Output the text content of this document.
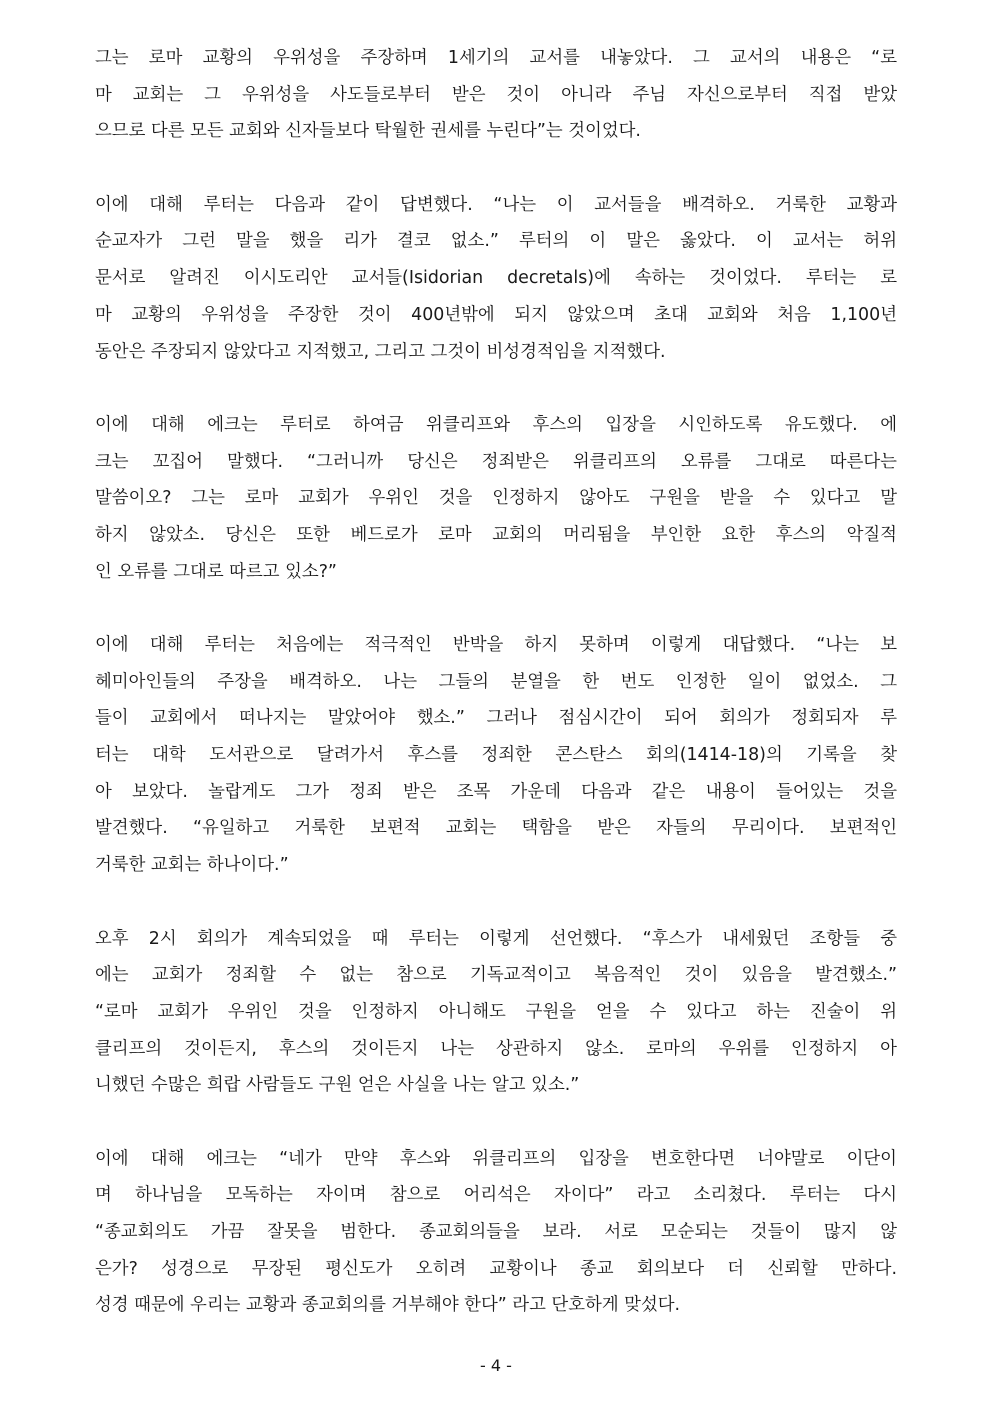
그는 로마 교황의 우위성을 주장하며 1세기의 교서를 내놓았다. 그 교서의 내용은 “로
마 교회는 그 우위성을 사도들로부터 받은 것이 아니라 주님 자신으로부터 직접 받았
으므로 다른 모든 교회와 신자들보다 탁월한 권세를 누린다”는 것이었다.
이에 대해 루터는 다음과 같이 답변했다. “나는 이 교서들을 배격하오. 거룩한 교황과
순교자가 그런 말을 했을 리가 결코 없소.” 루터의 이 말은 옳았다. 이 교서는 허위
문서로 알려진 이시도리안 교서들(Isidorian decretals)에 속하는 것이었다. 루터는 로
마 교황의 우위성을 주장한 것이 400년밖에 되지 않았으며 초대 교회와 처음 1,100년
동안은 주장되지 않았다고 지적했고, 그리고 그것이 비성경적임을 지적했다.
이에 대해 에크는 루터로 하여금 위클리프와 후스의 입장을 시인하도록 유도했다. 에
크는 꼬집어 말했다. “그러니까 당신은 정죄받은 위클리프의 오류를 그대로 따른다는
말씀이오? 그는 로마 교회가 우위인 것을 인정하지 않아도 구원을 받을 수 있다고 말
하지 않았소. 당신은 또한 베드로가 로마 교회의 머리됨을 부인한 요한 후스의 악질적
인 오류를 그대로 따르고 있소?”
이에 대해 루터는 처음에는 적극적인 반박을 하지 못하며 이렇게 대답했다. “나는 보
헤미아인들의 주장을 배격하오. 나는 그들의 분열을 한 번도 인정한 일이 없었소. 그
들이 교회에서 떠나지는 말았어야 했소.” 그러나 점심시간이 되어 회의가 정회되자 루
터는 대학 도서관으로 달려가서 후스를 정죄한 콘스탄스 회의(1414-18)의 기록을 찾
아 보았다. 놀랍게도 그가 정죄 받은 조목 가운데 다음과 같은 내용이 들어있는 것을
발견했다. “유일하고 거룩한 보편적 교회는 택함을 받은 자들의 무리이다. 보편적인
거룩한 교회는 하나이다.”
오후 2시 회의가 계속되었을 때 루터는 이렇게 선언했다. “후스가 내세웠던 조항들 중
에는 교회가 정죄할 수 없는 참으로 기독교적이고 복음적인 것이 있음을 발견했소.”
“로마 교회가 우위인 것을 인정하지 아니해도 구원을 얻을 수 있다고 하는 진술이 위
클리프의 것이든지, 후스의 것이든지 나는 상관하지 않소. 로마의 우위를 인정하지 아
니했던 수많은 희랍 사람들도 구원 얻은 사실을 나는 알고 있소.”
이에 대해 에크는 “네가 만약 후스와 위클리프의 입장을 변호한다면 너야말로 이단이
며 하나님을 모독하는 자이며 참으로 어리석은 자이다” 라고 소리쳤다. 루터는 다시
“종교회의도 가끔 잘못을 범한다. 종교회의들을 보라. 서로 모순되는 것들이 많지 않
은가? 성경으로 무장된 평신도가 오히려 교황이나 종교 회의보다 더 신뢰할 만하다.
성경 때문에 우리는 교황과 종교회의를 거부해야 한다” 라고 단호하게 맞섰다.
- 4 -
